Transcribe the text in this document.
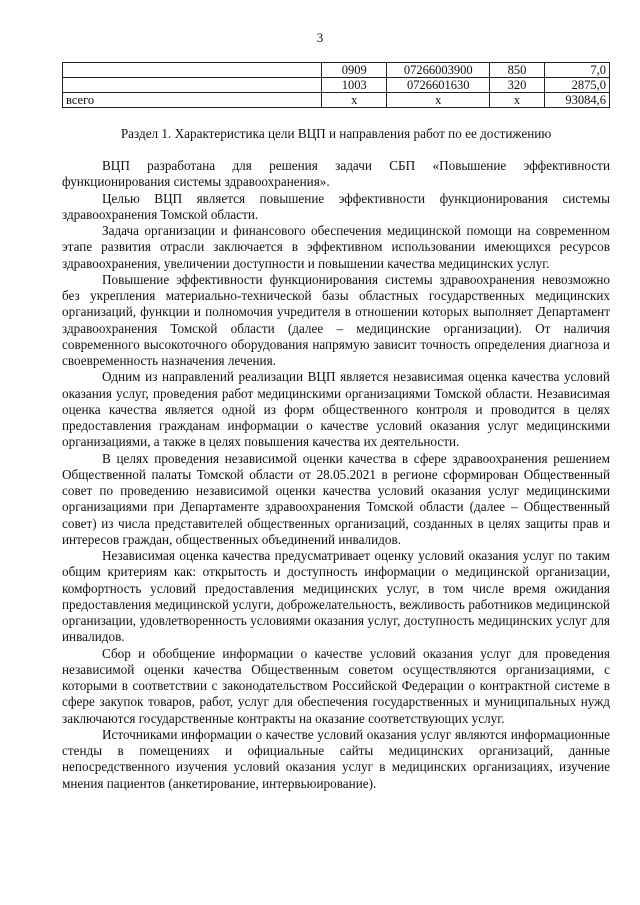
3
	0909	07266003900	850	7,0
	1003	0726601630	320	2875,0
всего	x	x	x	93084,6
Раздел 1. Характеристика цели ВЦП и направления работ по ее достижению

ВЦП разработана для решения задачи СБП «Повышение эффективности функционирования системы здравоохранения».

Целью ВЦП является повышение эффективности функционирования системы здравоохранения Томской области.

Задача организации и финансового обеспечения медицинской помощи на современном этапе развития отрасли заключается в эффективном использовании имеющихся ресурсов здравоохранения, увеличении доступности и повышении качества медицинских услуг.

Повышение эффективности функционирования системы здравоохранения невозможно без укрепления материально-технической базы областных государственных медицинских организаций, функции и полномочия учредителя в отношении которых выполняет Департамент здравоохранения Томской области (далее – медицинские организации). От наличия современного высокоточного оборудования напрямую зависит точность определения диагноза и своевременность назначения лечения.

Одним из направлений реализации ВЦП является независимая оценка качества условий оказания услуг, проведения работ медицинскими организациями Томской области. Независимая оценка качества является одной из форм общественного контроля и проводится в целях предоставления гражданам информации о качестве условий оказания услуг медицинскими организациями, а также в целях повышения качества их деятельности.

В целях проведения независимой оценки качества в сфере здравоохранения решением Общественной палаты Томской области от 28.05.2021 в регионе сформирован Общественный совет по проведению независимой оценки качества условий оказания услуг медицинскими организациями при Департаменте здравоохранения Томской области (далее – Общественный совет) из числа представителей общественных организаций, созданных в целях защиты прав и интересов граждан, общественных объединений инвалидов.

Независимая оценка качества предусматривает оценку условий оказания услуг по таким общим критериям как: открытость и доступность информации о медицинской организации, комфортность условий предоставления медицинских услуг, в том числе время ожидания предоставления медицинской услуги, доброжелательность, вежливость работников медицинской организации, удовлетворенность условиями оказания услуг, доступность медицинских услуг для инвалидов.

Сбор и обобщение информации о качестве условий оказания услуг для проведения независимой оценки качества Общественным советом осуществляются организациями, с которыми в соответствии с законодательством Российской Федерации о контрактной системе в сфере закупок товаров, работ, услуг для обеспечения государственных и муниципальных нужд заключаются государственные контракты на оказание соответствующих услуг.

Источниками информации о качестве условий оказания услуг являются информационные стенды в помещениях и официальные сайты медицинских организаций, данные непосредственного изучения условий оказания услуг в медицинских организациях, изучение мнения пациентов (анкетирование, интервьюирование).
